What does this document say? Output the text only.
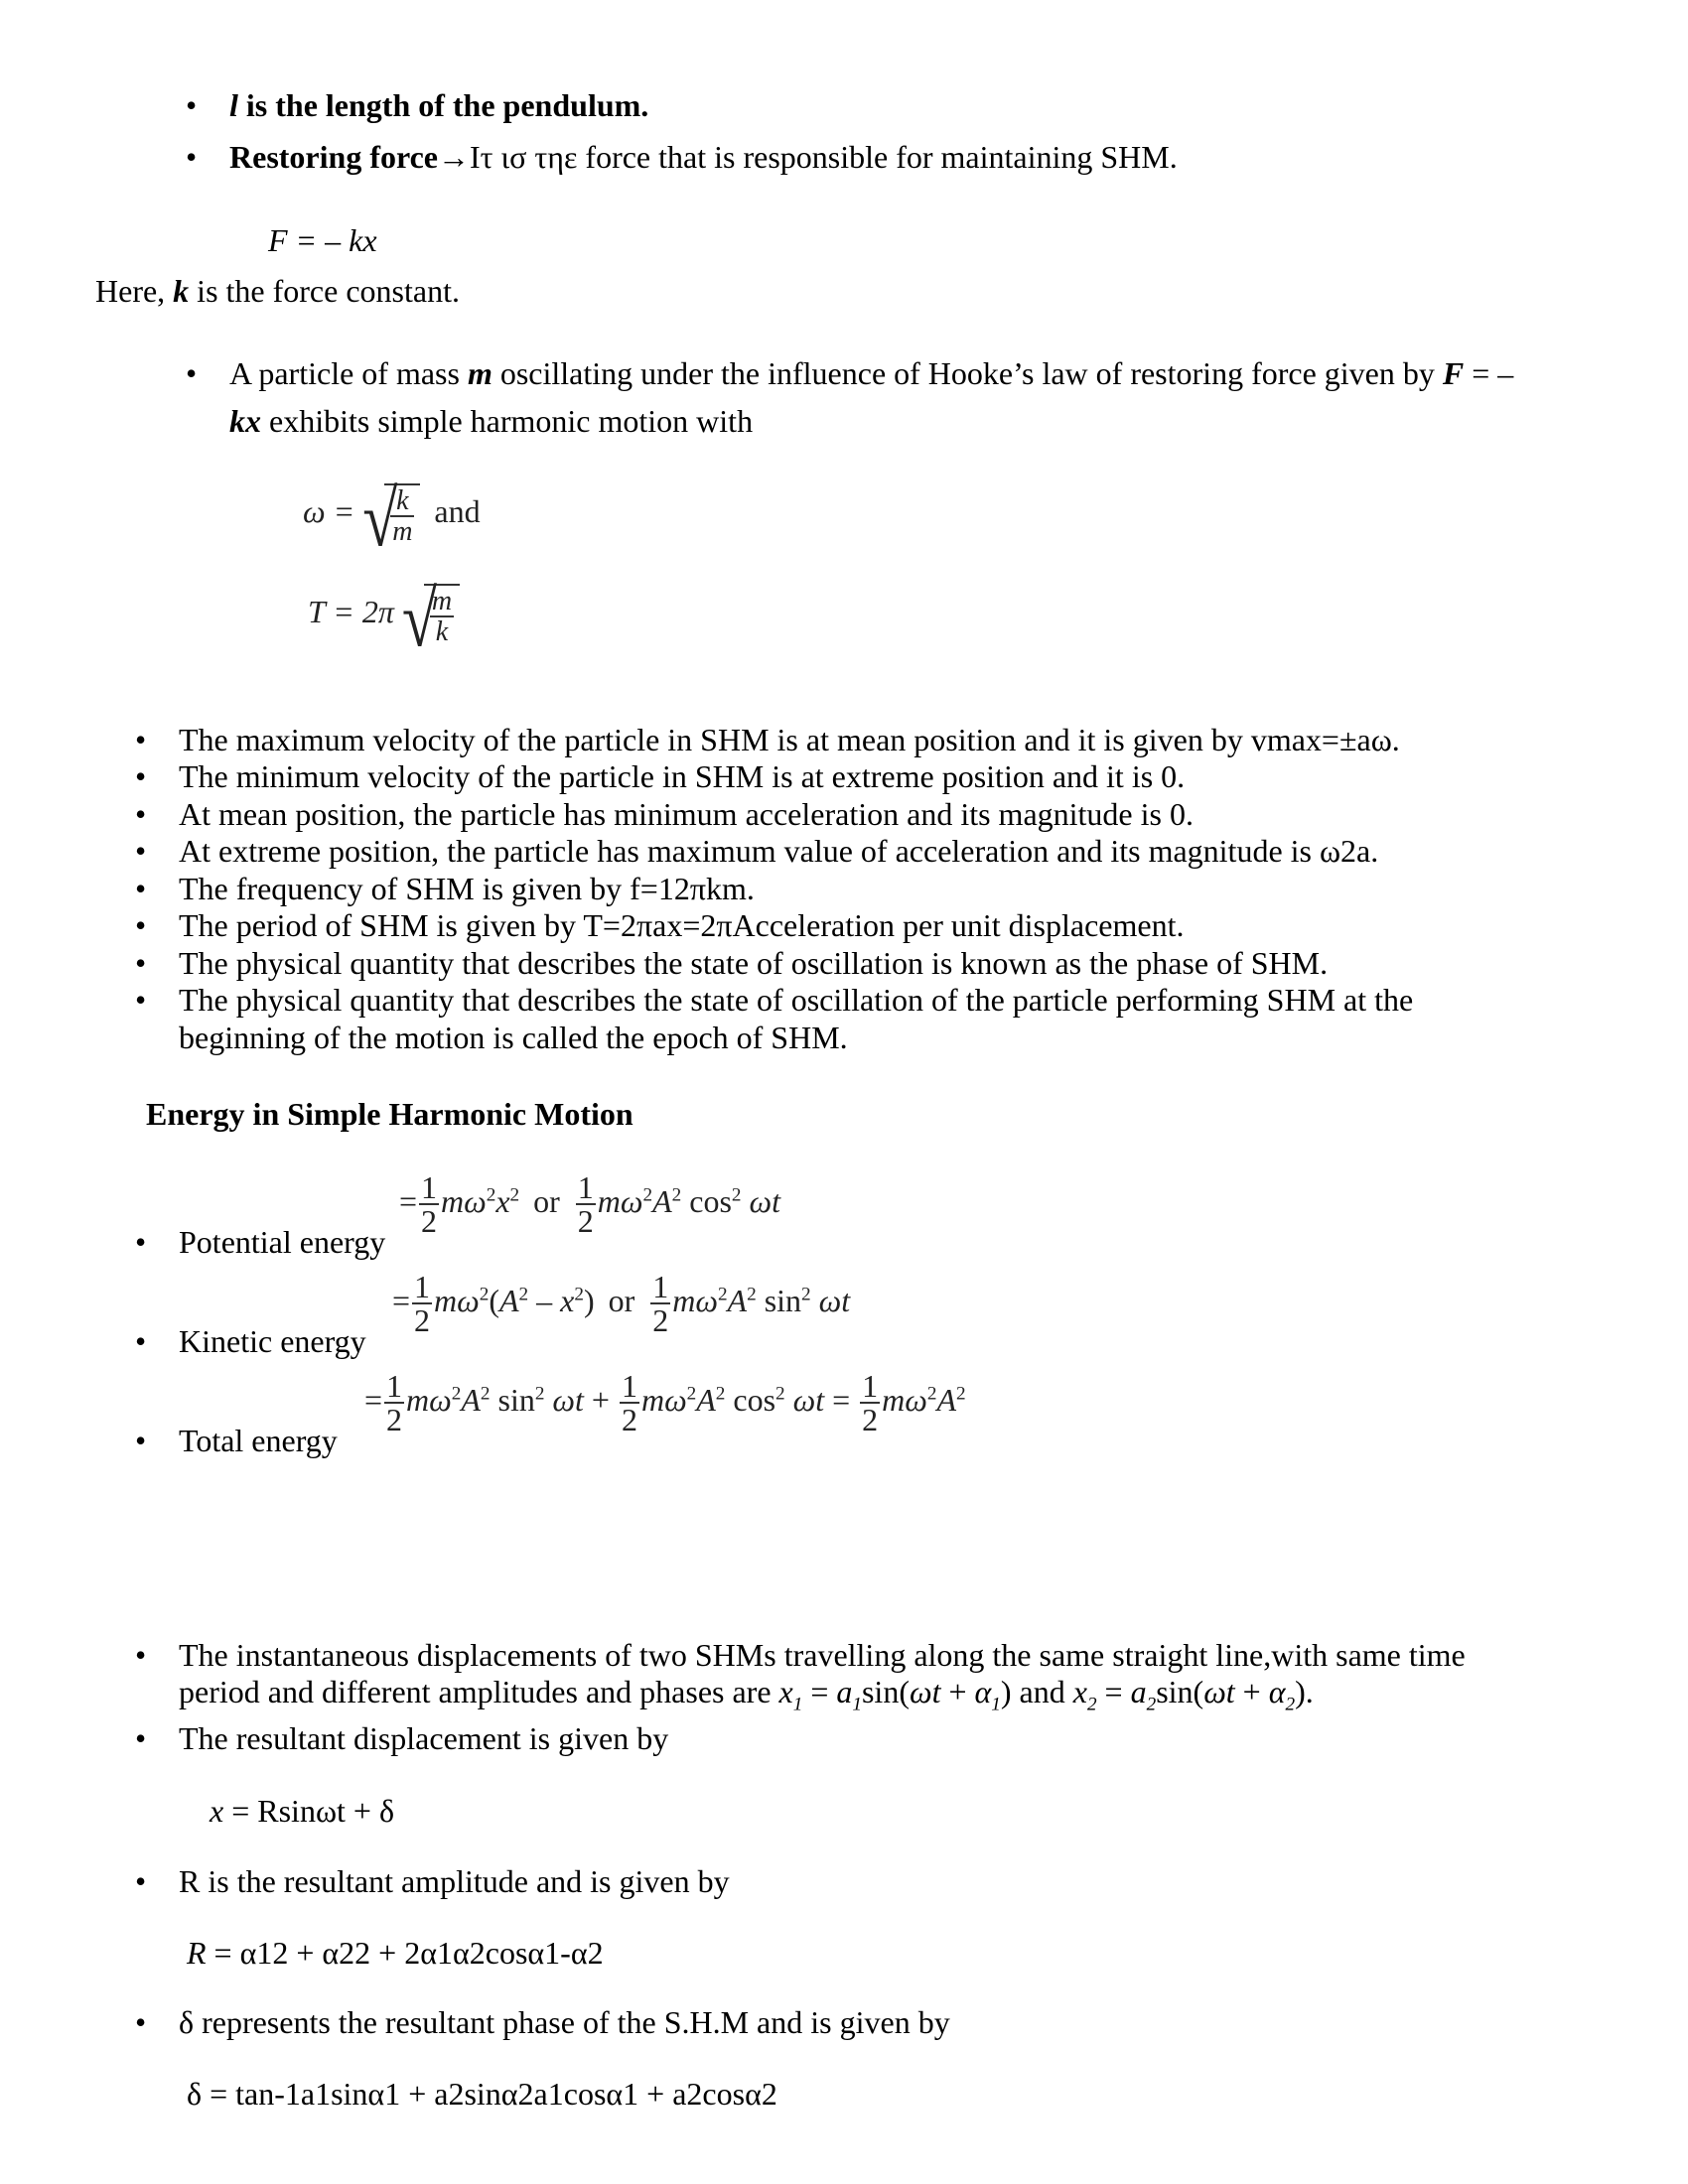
• l is the length of the pendulum.

• Restoring force→Iτ ισ τηε force that is responsible for maintaining SHM.

F = – kx

Here, k is the force constant.

• A particle of mass m oscillating under the influence of Hooke’s law of restoring force given by F = –

kx exhibits simple harmonic motion with

ω = √
$\frac{k}{m}$ and
T = 2π √
$\frac{m}{k}$

• The maximum velocity of the particle in SHM is at mean position and it is given by vmax=±aω.

• The minimum velocity of the particle in SHM is at extreme position and it is 0.

• At mean position, the particle has minimum acceleration and its magnitude is 0.

• At extreme position, the particle has maximum value of acceleration and its magnitude is ω2a.

• The frequency of SHM is given by f=12πkm.

• The period of SHM is given by T=2πax=2πAcceleration per unit displacement.

• The physical quantity that describes the state of oscillation is known as the phase of SHM.

• The physical quantity that describes the state of oscillation of the particle performing SHM at the

beginning of the motion is called the epoch of SHM.

Energy in Simple Harmonic Motion
= $\frac{1}{2} m\omega^2x^2$ or $\frac{1}{2} m\omega^2A^2$ $\cos^2 \omega t$

• Potential energy

= $\frac{1}{2} m\omega^2(A^2 - x^2)$ or $\frac{1}{2} m\omega^2A^2$ $\sin^2 \omega t$

• Kinetic energy

= $\frac{1}{2} m\omega^2A^2$ $\sin^2 \omega t + \frac{1}{2} m\omega^2A^2$ $\cos^2 \omega t = \frac{1}{2} m\omega^2A^2$

• Total energy

• The instantaneous displacements of two SHMs travelling along the same straight line,with same time

period and different amplitudes and phases are $x_1 = a_1\sin(\omega t + \alpha_1)$ and $x_2 = a_2\sin(\omega t + \alpha_2)$.

• The resultant displacement is given by

x = Rsinωt + δ

• R is the resultant amplitude and is given by

R = α12 + α22 + 2α1α2cosα1-α2

• δ represents the resultant phase of the S.H.M and is given by

δ = tan-1a1sinα1 + a2sinα2a1cosα1 + a2cosα2
